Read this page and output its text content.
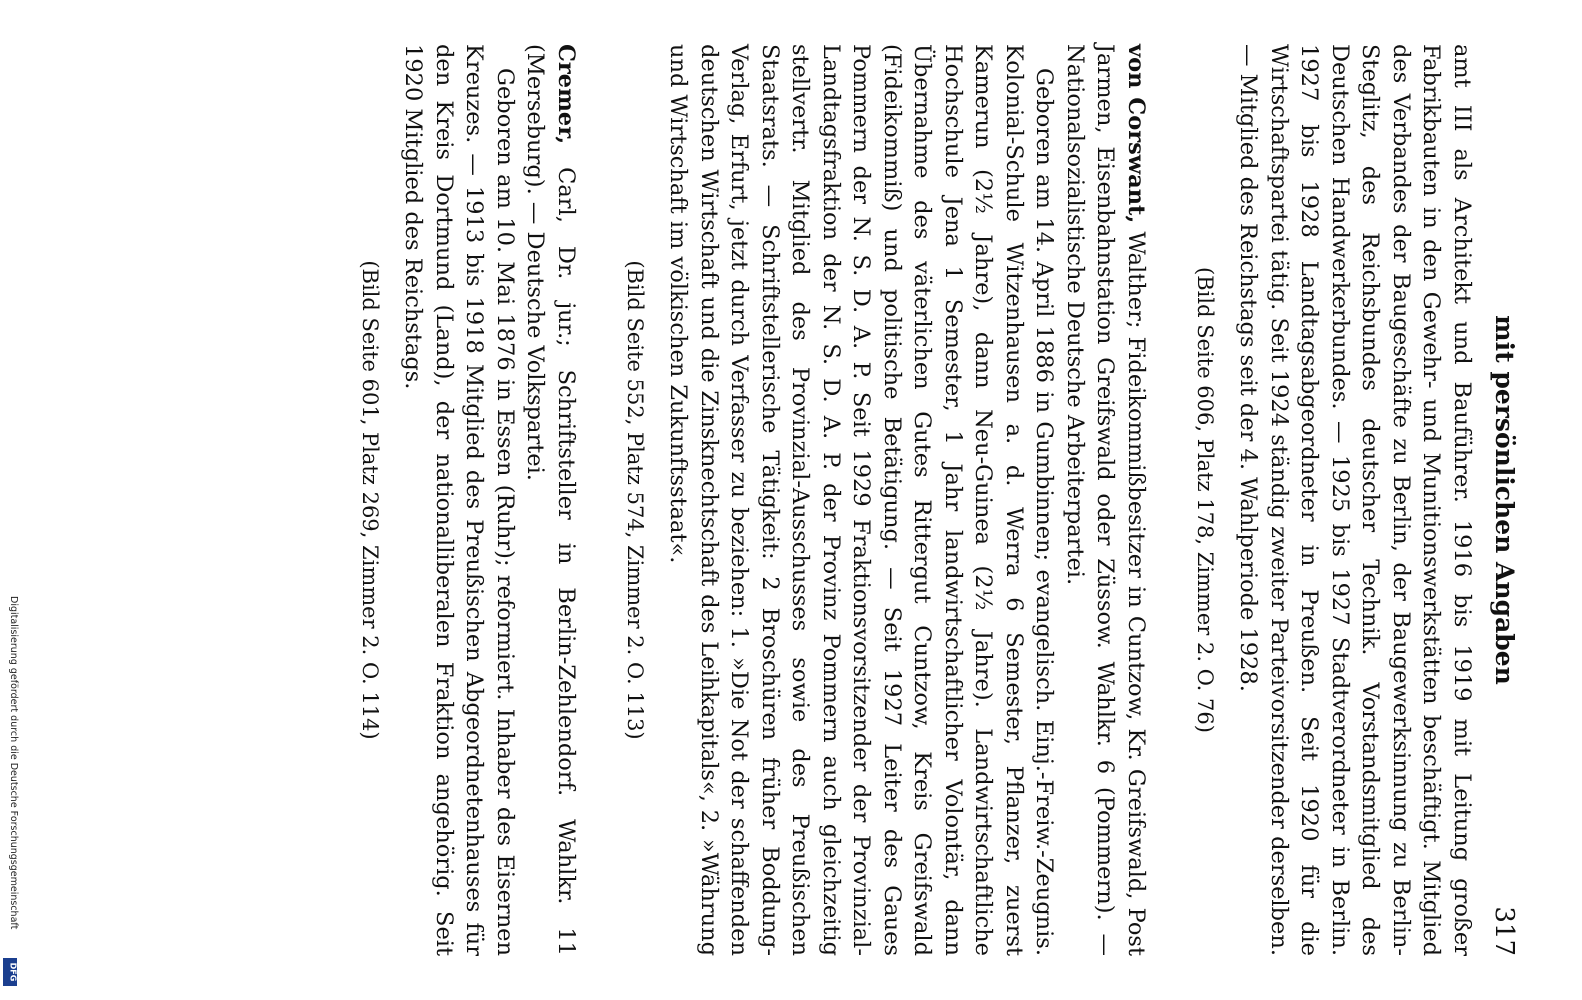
mit persönlichen Angaben
317

amt III als Architekt und Bauführer. 1916 bis 1919 mit Leitung großer Fabrikbauten in den Gewehr- und Munitionswerkstätten beschäftigt. Mitglied des Verbandes der Baugeschäfte zu Berlin, der Baugewerksinnung zu Berlin-Steglitz, des Reichsbundes deutscher Technik. Vorstandsmitglied des Deutschen Handwerkerbundes. — 1925 bis 1927 Stadtverordneter in Berlin. 1927 bis 1928 Landtagsabgeordneter in Preußen. Seit 1920 für die Wirtschaftspartei tätig. Seit 1924 ständig zweiter Parteivorsitzender derselben. — Mitglied des Reichstags seit der 4. Wahlperiode 1928.

(Bild Seite 606, Platz 178, Zimmer 2. O. 76)

von Corswant, Walther; Fideikommißbesitzer in Cuntzow, Kr. Greifswald, Post Jarmen, Eisenbahnstation Greifswald oder Züssow. Wahlkr. 6 (Pommern). — Nationalsozialistische Deutsche Arbeiterpartei.

Geboren am 14. April 1886 in Gumbinnen; evangelisch. Einj.-Freiw.-Zeugnis. Kolonial-Schule Witzenhausen a. d. Werra 6 Semester, Pflanzer, zuerst Kamerun (2½ Jahre), dann Neu-Guinea (2½ Jahre). Landwirtschaftliche Hochschule Jena 1 Semester, 1 Jahr landwirtschaftlicher Volontär, dann Übernahme des väterlichen Gutes Rittergut Cuntzow, Kreis Greifswald (Fideikommiß) und politische Betätigung. — Seit 1927 Leiter des Gaues Pommern der N. S. D. A. P. Seit 1929 Fraktionsvorsitzender der Provinzial-Landtagsfraktion der N. S. D. A. P. der Provinz Pommern auch gleichzeitig stellvertr. Mitglied des Provinzial-Ausschusses sowie des Preußischen Staatsrats. — Schriftstellerische Tätigkeit: 2 Broschüren früher Boddung-Verlag, Erfurt, jetzt durch Verfasser zu beziehen: 1. »Die Not der schaffenden deutschen Wirtschaft und die Zinsknechtschaft des Leihkapitals«, 2. »Währung und Wirtschaft im völkischen Zukunftsstaat«.

(Bild Seite 552, Platz 574, Zimmer 2. O. 113)

Cremer, Carl, Dr. jur.; Schriftsteller in Berlin-Zehlendorf. Wahlkr. 11 (Merseburg). — Deutsche Volkspartei.

Geboren am 10. Mai 1876 in Essen (Ruhr); reformiert. Inhaber des Eisernen Kreuzes. — 1913 bis 1918 Mitglied des Preußischen Abgeordnetenhauses für den Kreis Dortmund (Land), der nationalliberalen Fraktion angehörig. Seit 1920 Mitglied des Reichstags.

(Bild Seite 601, Platz 269, Zimmer 2. O. 114)
Digitalisierung gefördert durch die Deutsche Forschungsgemeinschaft
DFG
